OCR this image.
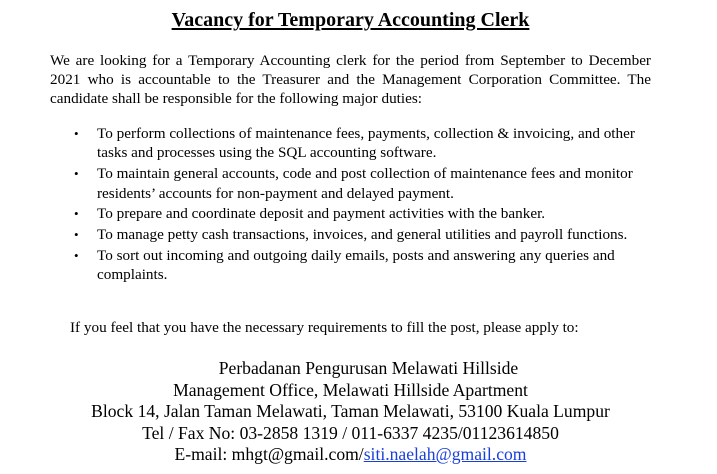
Vacancy for Temporary Accounting Clerk
We are looking for a Temporary Accounting clerk for the period from September to December 2021 who is accountable to the Treasurer and the Management Corporation Committee. The candidate shall be responsible for the following major duties:
• To perform collections of maintenance fees, payments, collection & invoicing, and other tasks and processes using the SQL accounting software.
• To maintain general accounts, code and post collection of maintenance fees and monitor residents’ accounts for non-payment and delayed payment.
• To prepare and coordinate deposit and payment activities with the banker.
• To manage petty cash transactions, invoices, and general utilities and payroll functions.
• To sort out incoming and outgoing daily emails, posts and answering any queries and complaints.
If you feel that you have the necessary requirements to fill the post, please apply to:
Perbadanan Pengurusan Melawati Hillside
Management Office, Melawati Hillside Apartment
Block 14, Jalan Taman Melawati, Taman Melawati, 53100 Kuala Lumpur
Tel / Fax No: 03-2858 1319 / 011-6337 4235/01123614850
E-mail: mhgt@gmail.com/siti.naelah@gmail.com
